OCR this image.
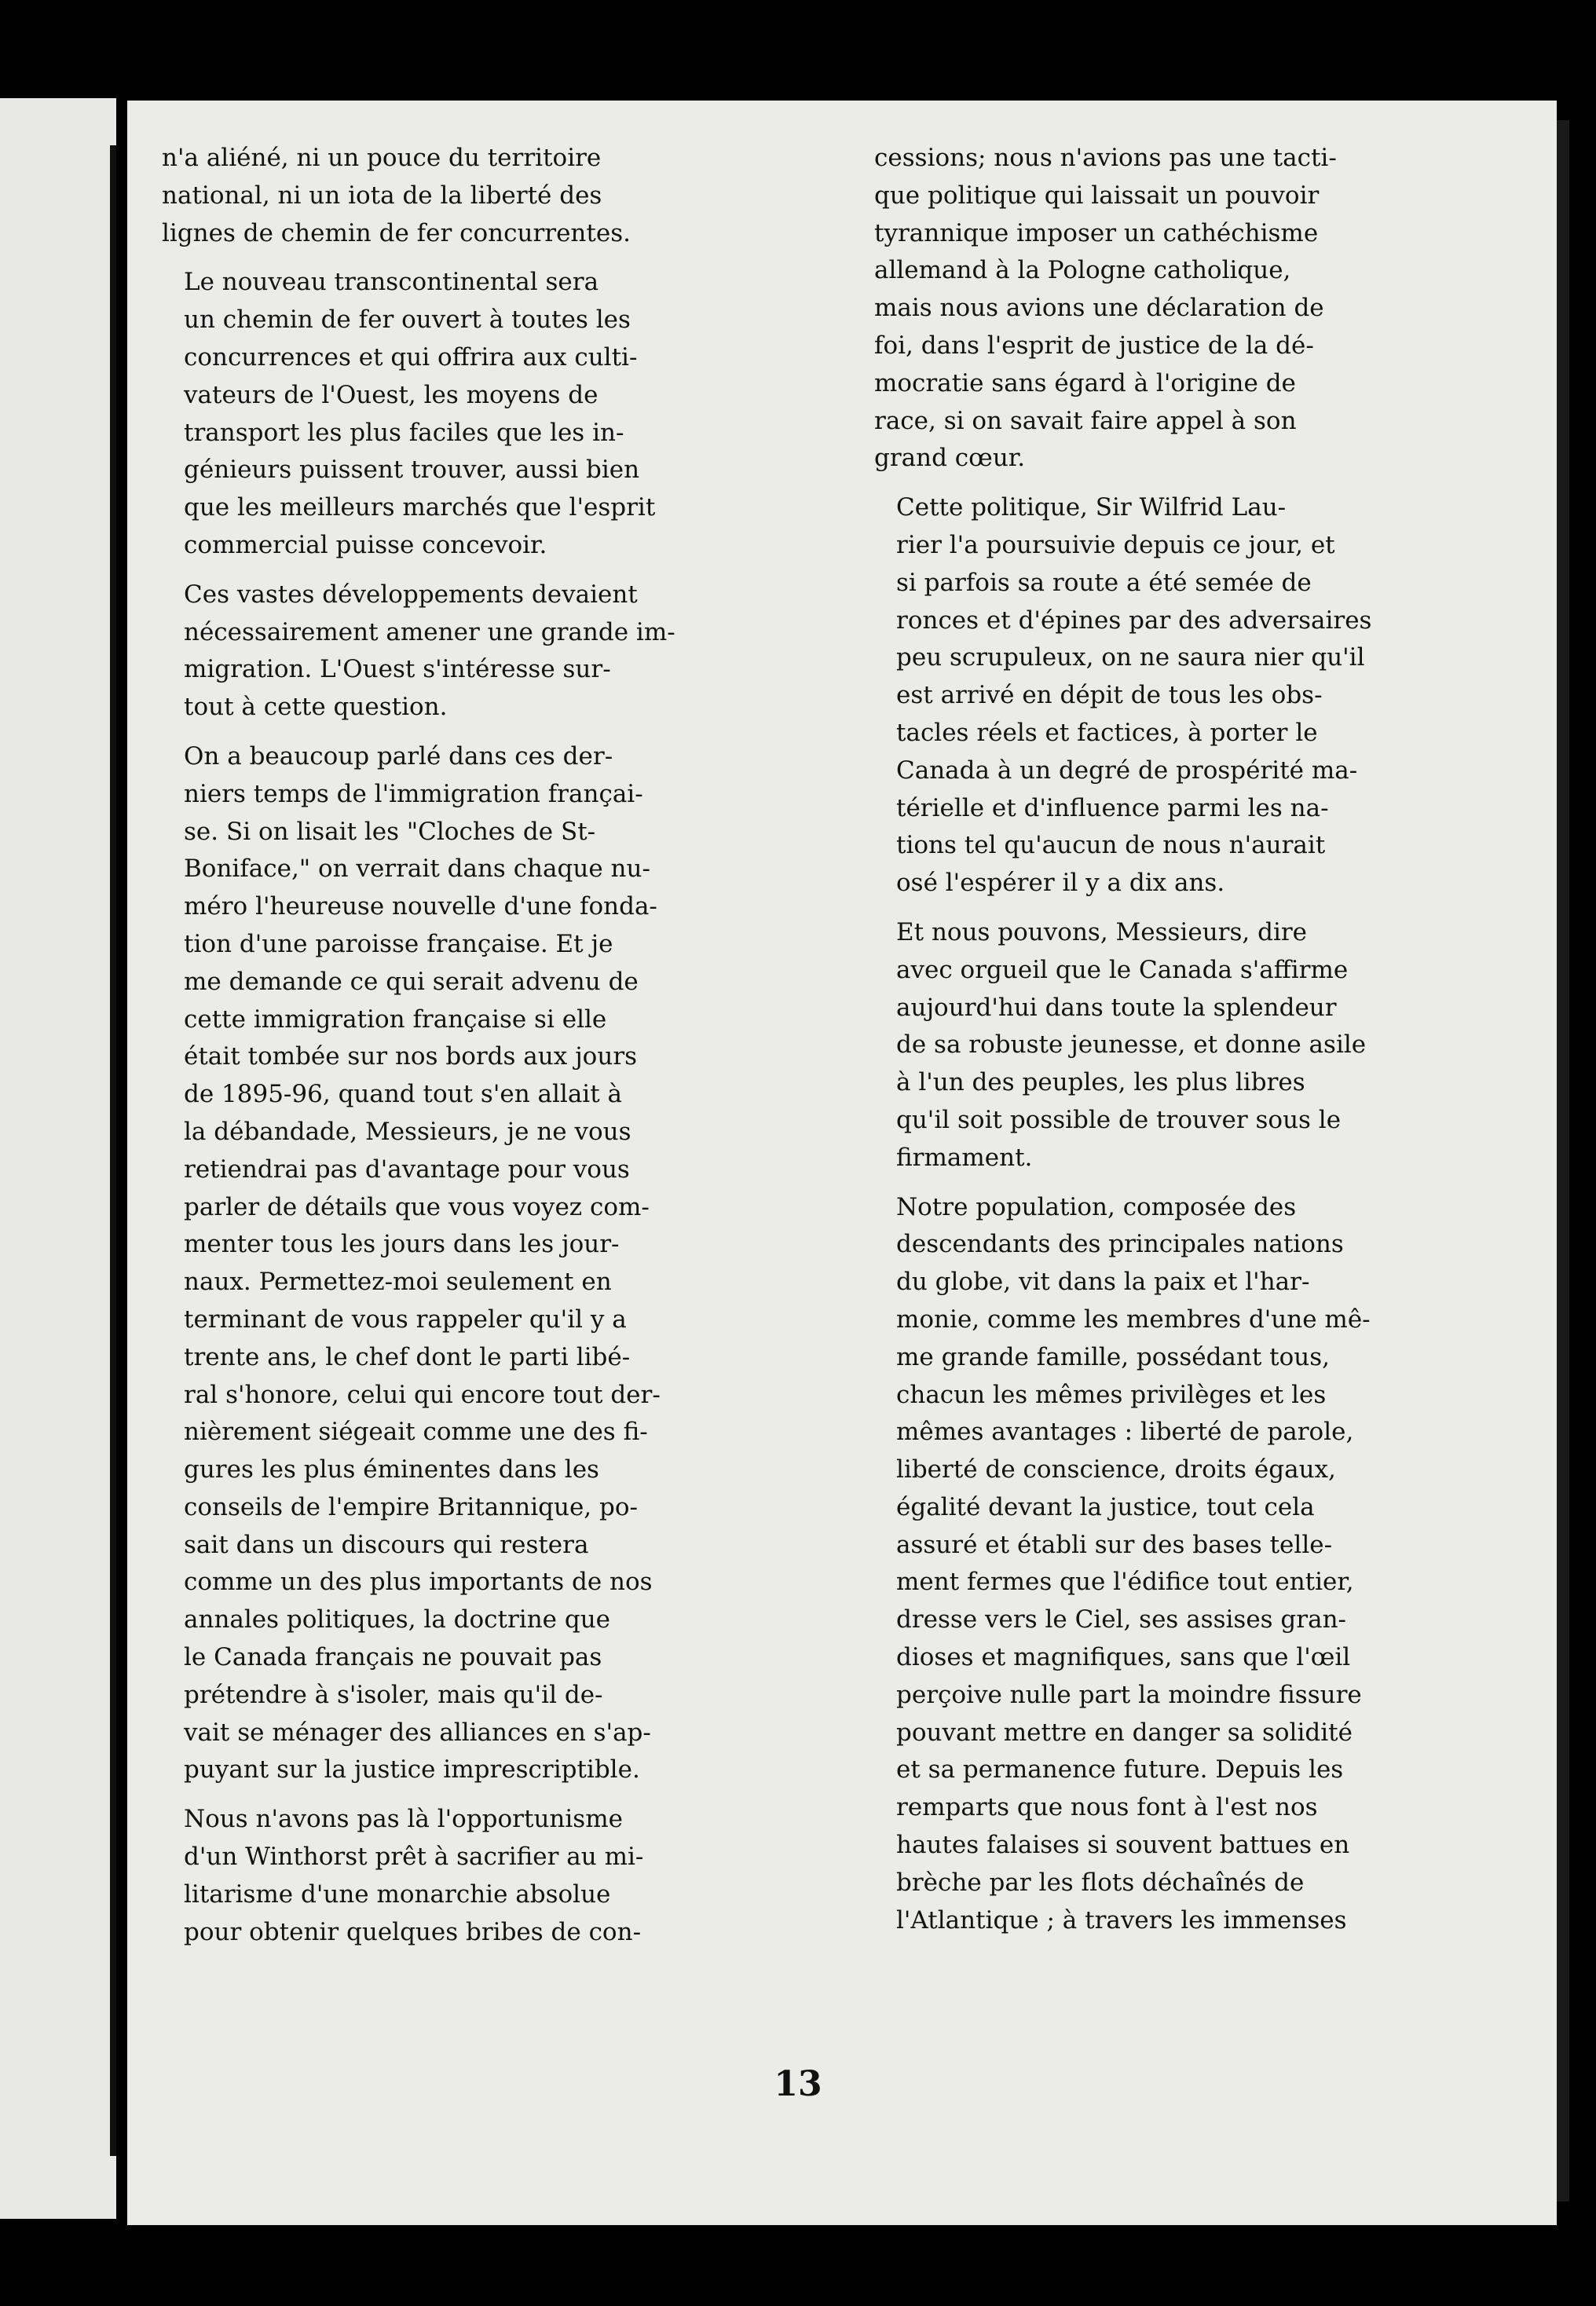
n'a aliéné, ni un pouce du territoire
national, ni un iota de la liberté des
lignes de chemin de fer concurrentes.

Le nouveau transcontinental sera
un chemin de fer ouvert à toutes les
concurrences et qui offrira aux culti-
vateurs de l'Ouest, les moyens de
transport les plus faciles que les in-
génieurs puissent trouver, aussi bien
que les meilleurs marchés que l'esprit
commercial puisse concevoir.

Ces vastes développements devaient
nécessairement amener une grande im-
migration. L'Ouest s'intéresse sur-
tout à cette question.

On a beaucoup parlé dans ces der-
niers temps de l'immigration françai-
se. Si on lisait les "Cloches de St-
Boniface," on verrait dans chaque nu-
méro l'heureuse nouvelle d'une fonda-
tion d'une paroisse française. Et je
me demande ce qui serait advenu de
cette immigration française si elle
était tombée sur nos bords aux jours
de 1895-96, quand tout s'en allait à
la débandade, Messieurs, je ne vous
retiendrai pas d'avantage pour vous
parler de détails que vous voyez com-
menter tous les jours dans les jour-
naux. Permettez-moi seulement en
terminant de vous rappeler qu'il y a
trente ans, le chef dont le parti libé-
ral s'honore, celui qui encore tout der-
nièrement siégeait comme une des fi-
gures les plus éminentes dans les
conseils de l'empire Britannique, po-
sait dans un discours qui restera
comme un des plus importants de nos
annales politiques, la doctrine que
le Canada français ne pouvait pas
prétendre à s'isoler, mais qu'il de-
vait se ménager des alliances en s'ap-
puyant sur la justice imprescriptible.

Nous n'avons pas là l'opportunisme
d'un Winthorst prêt à sacrifier au mi-
litarisme d'une monarchie absolue
pour obtenir quelques bribes de con-

cessions; nous n'avions pas une tacti-
que politique qui laissait un pouvoir
tyrannique imposer un cathéchisme
allemand à la Pologne catholique,
mais nous avions une déclaration de
foi, dans l'esprit de justice de la dé-
mocratie sans égard à l'origine de
race, si on savait faire appel à son
grand cœur.

Cette politique, Sir Wilfrid Lau-
rier l'a poursuivie depuis ce jour, et
si parfois sa route a été semée de
ronces et d'épines par des adversaires
peu scrupuleux, on ne saura nier qu'il
est arrivé en dépit de tous les obs-
tacles réels et factices, à porter le
Canada à un degré de prospérité ma-
térielle et d'influence parmi les na-
tions tel qu'aucun de nous n'aurait
osé l'espérer il y a dix ans.

Et nous pouvons, Messieurs, dire
avec orgueil que le Canada s'affirme
aujourd'hui dans toute la splendeur
de sa robuste jeunesse, et donne asile
à l'un des peuples, les plus libres
qu'il soit possible de trouver sous le
firmament.

Notre population, composée des
descendants des principales nations
du globe, vit dans la paix et l'har-
monie, comme les membres d'une mê-
me grande famille, possédant tous,
chacun les mêmes privilèges et les
mêmes avantages : liberté de parole,
liberté de conscience, droits égaux,
égalité devant la justice, tout cela
assuré et établi sur des bases telle-
ment fermes que l'édifice tout entier,
dresse vers le Ciel, ses assises gran-
dioses et magnifiques, sans que l'œil
perçoive nulle part la moindre fissure
pouvant mettre en danger sa solidité
et sa permanence future. Depuis les
remparts que nous font à l'est nos
hautes falaises si souvent battues en
brèche par les flots déchaînés de
l'Atlantique ; à travers les immenses

13
